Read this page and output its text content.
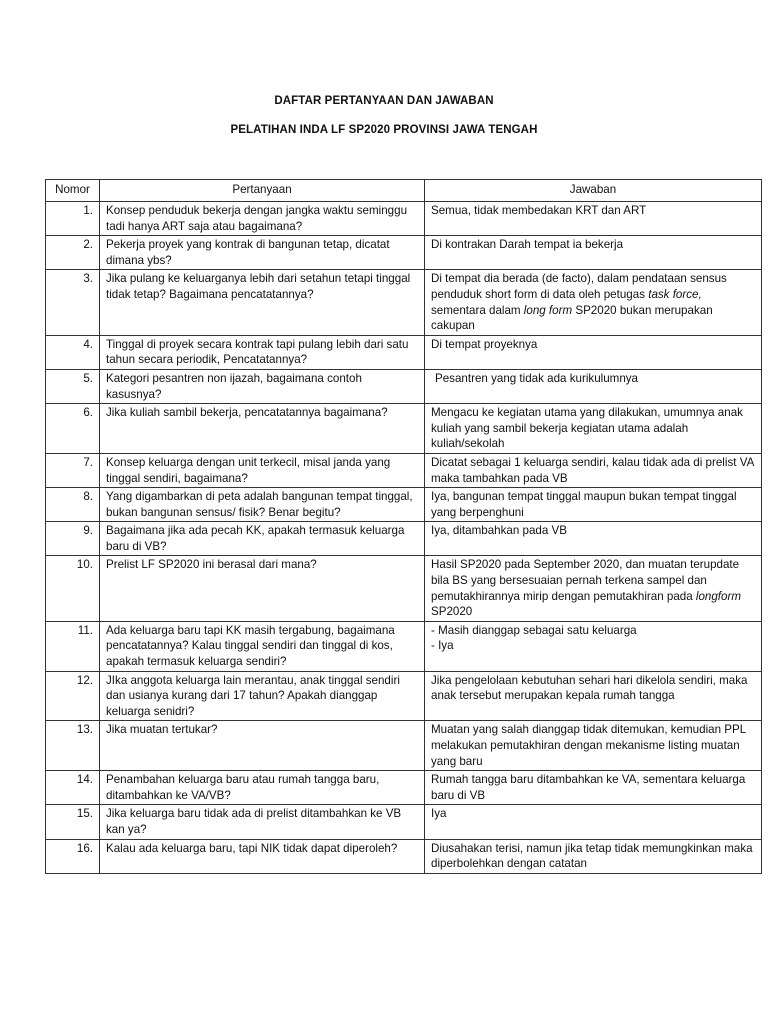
DAFTAR PERTANYAAN DAN JAWABAN
PELATIHAN INDA LF SP2020 PROVINSI JAWA TENGAH
Nomor	Pertanyaan	Jawaban
1.	Konsep penduduk bekerja dengan jangka waktu seminggu tadi hanya ART saja atau bagaimana?	Semua, tidak membedakan KRT dan ART
2.	Pekerja proyek yang kontrak di bangunan tetap, dicatat dimana ybs?	Di kontrakan Darah tempat ia bekerja
3.	Jika pulang ke keluarganya lebih dari setahun tetapi tinggal tidak tetap? Bagaimana pencatatannya?	Di tempat dia berada (de facto), dalam pendataan sensus penduduk short form di data oleh petugas task force, sementara dalam long form SP2020 bukan merupakan cakupan
4.	Tinggal di proyek secara kontrak tapi pulang lebih dari satu tahun secara periodik, Pencatatannya?	Di tempat proyeknya
5.	Kategori pesantren non ijazah, bagaimana contoh kasusnya?	Pesantren yang tidak ada kurikulumnya
6.	Jika kuliah sambil bekerja, pencatatannya bagaimana?	Mengacu ke kegiatan utama yang dilakukan, umumnya anak kuliah yang sambil bekerja kegiatan utama adalah kuliah/sekolah
7.	Konsep keluarga dengan unit terkecil, misal janda yang tinggal sendiri, bagaimana?	Dicatat sebagai 1 keluarga sendiri, kalau tidak ada di prelist VA maka tambahkan pada VB
8.	Yang digambarkan di peta adalah bangunan tempat tinggal, bukan bangunan sensus/ fisik? Benar begitu?	Iya, bangunan tempat tinggal maupun bukan tempat tinggal yang berpenghuni
9.	Bagaimana jika ada pecah KK, apakah termasuk keluarga baru di VB?	Iya, ditambahkan pada VB
10.	Prelist LF SP2020 ini berasal dari mana?	Hasil SP2020 pada September 2020, dan muatan terupdate bila BS yang bersesuaian pernah terkena sampel dan pemutakhirannya mirip dengan pemutakhiran pada longform SP2020
11.	Ada keluarga baru tapi KK masih tergabung, bagaimana pencatatannya? Kalau tinggal sendiri dan tinggal di kos, apakah termasuk keluarga sendiri?	- Masih dianggap sebagai satu keluarga
- Iya

12.	JIka anggota keluarga lain merantau, anak tinggal sendiri dan usianya kurang dari 17 tahun? Apakah dianggap keluarga senidri?	Jika pengelolaan kebutuhan sehari hari dikelola sendiri, maka anak tersebut merupakan kepala rumah tangga
13.	Jika muatan tertukar?	Muatan yang salah dianggap tidak ditemukan, kemudian PPL melakukan pemutakhiran dengan mekanisme listing muatan yang baru
14.	Penambahan keluarga baru atau rumah tangga baru, ditambahkan ke VA/VB?	Rumah tangga baru ditambahkan ke VA, sementara keluarga baru di VB
15.	Jika keluarga baru tidak ada di prelist ditambahkan ke VB kan ya?	Iya
16.	Kalau ada keluarga baru, tapi NIK tidak dapat diperoleh?	Diusahakan terisi, namun jika tetap tidak memungkinkan maka diperbolehkan dengan catatan
